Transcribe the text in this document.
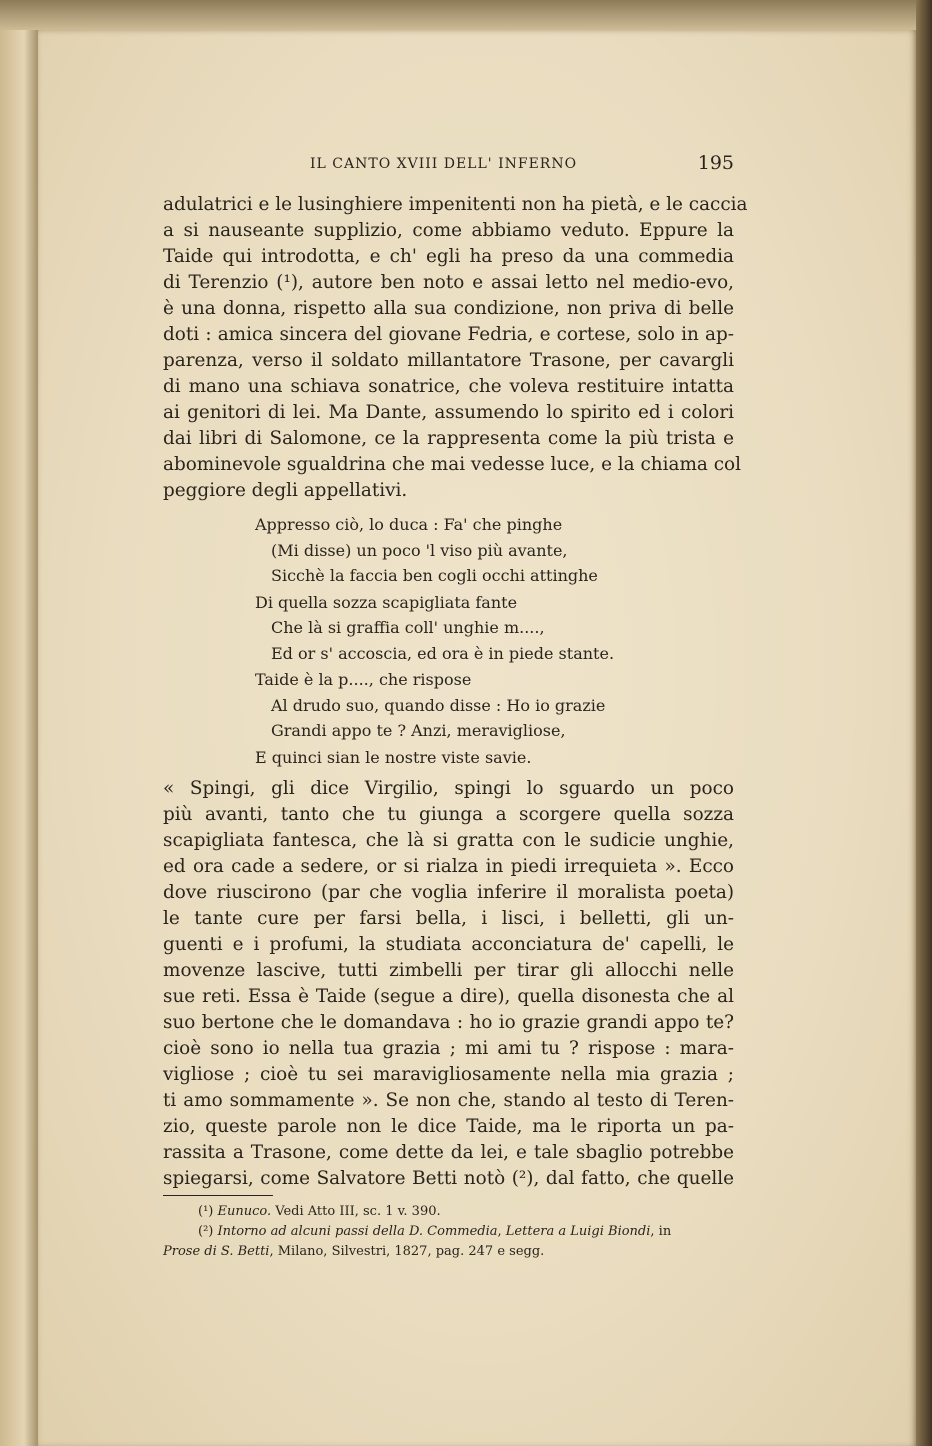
IL CANTO XVIII DELL' INFERNO	195
adulatrici e le lusinghiere impenitenti non ha pietà, e le caccia
a si nauseante supplizio, come abbiamo veduto. Eppure la
Taide qui introdotta, e ch' egli ha preso da una commedia
di Terenzio (¹), autore ben noto e assai letto nel medio-evo,
è una donna, rispetto alla sua condizione, non priva di belle
doti : amica sincera del giovane Fedria, e cortese, solo in ap-
parenza, verso il soldato millantatore Trasone, per cavargli
di mano una schiava sonatrice, che voleva restituire intatta
ai genitori di lei. Ma Dante, assumendo lo spirito ed i colori
dai libri di Salomone, ce la rappresenta come la più trista e
abominevole sgualdrina che mai vedesse luce, e la chiama col
peggiore degli appellativi.
Appresso ciò, lo duca : Fa' che pinghe
(Mi disse) un poco 'l viso più avante,
Sicchè la faccia ben cogli occhi attinghe
Di quella sozza scapigliata fante
Che là si graffia coll' unghie m....,
Ed or s' accoscia, ed ora è in piede stante.
Taide è la p...., che rispose
Al drudo suo, quando disse : Ho io grazie
Grandi appo te ? Anzi, meravigliose,
E quinci sian le nostre viste savie.
« Spingi, gli dice Virgilio, spingi lo sguardo un poco
più avanti, tanto che tu giunga a scorgere quella sozza
scapigliata fantesca, che là si gratta con le sudicie unghie,
ed ora cade a sedere, or si rialza in piedi irrequieta ». Ecco
dove riuscirono (par che voglia inferire il moralista poeta)
le tante cure per farsi bella, i lisci, i belletti, gli un-
guenti e i profumi, la studiata acconciatura de' capelli, le
movenze lascive, tutti zimbelli per tirar gli allocchi nelle
sue reti. Essa è Taide (segue a dire), quella disonesta che al
suo bertone che le domandava : ho io grazie grandi appo te?
cioè sono io nella tua grazia ; mi ami tu ? rispose : mara-
vigliose ; cioè tu sei maravigliosamente nella mia grazia ;
ti amo sommamente ». Se non che, stando al testo di Teren-
zio, queste parole non le dice Taide, ma le riporta un pa-
rassita a Trasone, come dette da lei, e tale sbaglio potrebbe
spiegarsi, come Salvatore Betti notò (²), dal fatto, che quelle
(¹) Eunuco. Vedi Atto III, sc. 1 v. 390.
(²) Intorno ad alcuni passi della D. Commedia, Lettera a Luigi Biondi, in
Prose di S. Betti, Milano, Silvestri, 1827, pag. 247 e segg.
